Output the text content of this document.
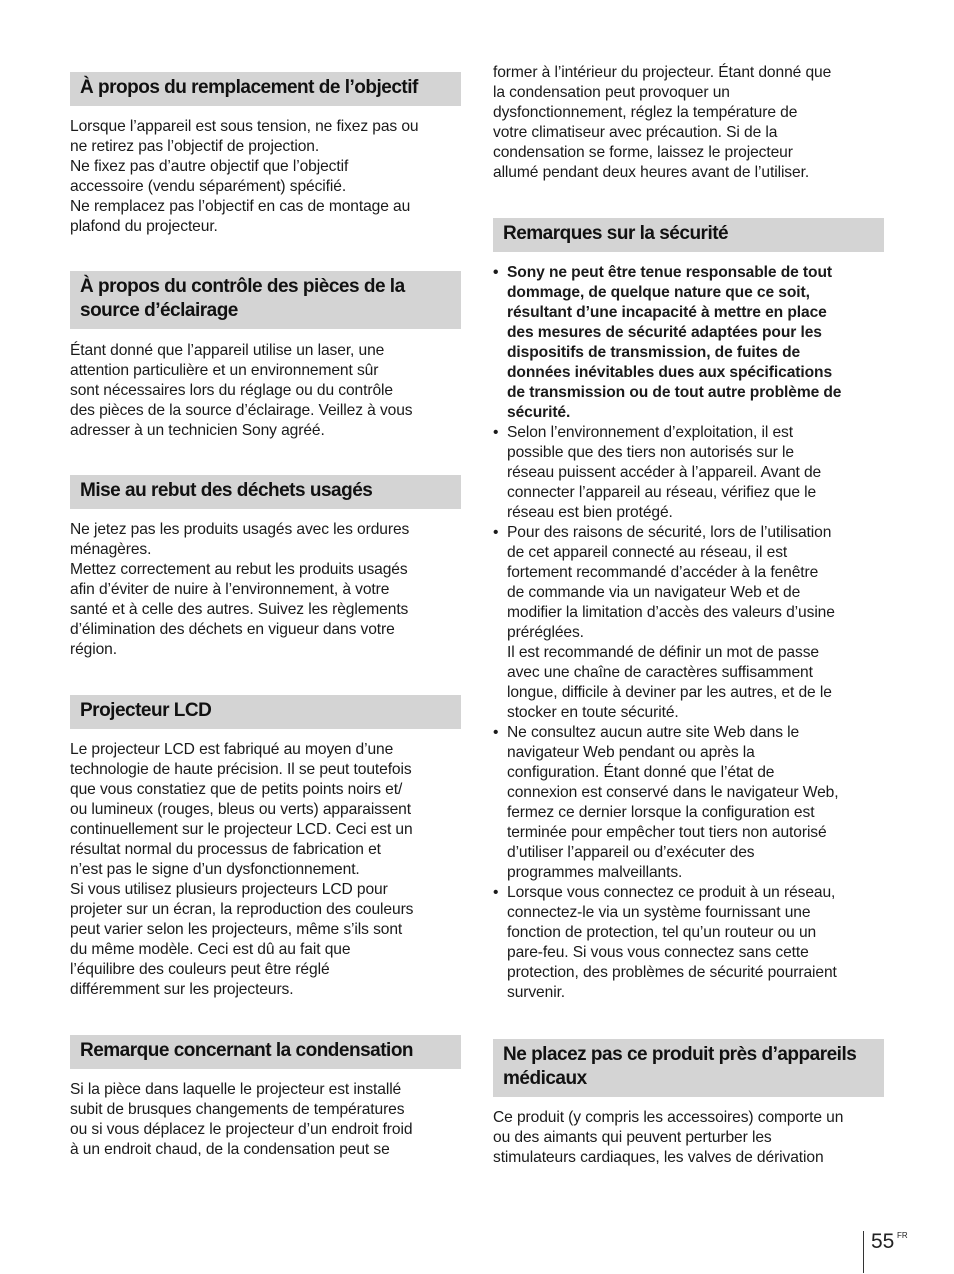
À propos du remplacement de l’objectif

Lorsque l’appareil est sous tension, ne fixez pas ou

ne retirez pas l’objectif de projection.

Ne fixez pas d’autre objectif que l’objectif

accessoire (vendu séparément) spécifié.

Ne remplacez pas l’objectif en cas de montage au

plafond du projecteur.

À propos du contrôle des pièces de la source d’éclairage

Étant donné que l’appareil utilise un laser, une

attention particulière et un environnement sûr

sont nécessaires lors du réglage ou du contrôle

des pièces de la source d’éclairage. Veillez à vous

adresser à un technicien Sony agréé.

Mise au rebut des déchets usagés

Ne jetez pas les produits usagés avec les ordures

ménagères.

Mettez correctement au rebut les produits usagés

afin d’éviter de nuire à l’environnement, à votre

santé et à celle des autres. Suivez les règlements

d’élimination des déchets en vigueur dans votre

région.

Projecteur LCD

Le projecteur LCD est fabriqué au moyen d’une

technologie de haute précision. Il se peut toutefois

que vous constatiez que de petits points noirs et/

ou lumineux (rouges, bleus ou verts) apparaissent

continuellement sur le projecteur LCD. Ceci est un

résultat normal du processus de fabrication et

n’est pas le signe d’un dysfonctionnement.

Si vous utilisez plusieurs projecteurs LCD pour

projeter sur un écran, la reproduction des couleurs

peut varier selon les projecteurs, même s’ils sont

du même modèle. Ceci est dû au fait que

l’équilibre des couleurs peut être réglé

différemment sur les projecteurs.

Remarque concernant la condensation

Si la pièce dans laquelle le projecteur est installé

subit de brusques changements de températures

ou si vous déplacez le projecteur d’un endroit froid

à un endroit chaud, de la condensation peut se

former à l’intérieur du projecteur. Étant donné que

la condensation peut provoquer un

dysfonctionnement, réglez la température de

votre climatiseur avec précaution. Si de la

condensation se forme, laissez le projecteur

allumé pendant deux heures avant de l’utiliser.

Remarques sur la sécurité

• Sony ne peut être tenue responsable de tout

dommage, de quelque nature que ce soit,

résultant d’une incapacité à mettre en place

des mesures de sécurité adaptées pour les

dispositifs de transmission, de fuites de

données inévitables dues aux spécifications

de transmission ou de tout autre problème de

sécurité.

• Selon l’environnement d’exploitation, il est

possible que des tiers non autorisés sur le

réseau puissent accéder à l’appareil. Avant de

connecter l’appareil au réseau, vérifiez que le

réseau est bien protégé.

• Pour des raisons de sécurité, lors de l’utilisation

de cet appareil connecté au réseau, il est

fortement recommandé d’accéder à la fenêtre

de commande via un navigateur Web et de

modifier la limitation d’accès des valeurs d’usine

préréglées.

Il est recommandé de définir un mot de passe

avec une chaîne de caractères suffisamment

longue, difficile à deviner par les autres, et de le

stocker en toute sécurité.

• Ne consultez aucun autre site Web dans le

navigateur Web pendant ou après la

configuration. Étant donné que l’état de

connexion est conservé dans le navigateur Web,

fermez ce dernier lorsque la configuration est

terminée pour empêcher tout tiers non autorisé

d’utiliser l’appareil ou d’exécuter des

programmes malveillants.

• Lorsque vous connectez ce produit à un réseau,

connectez-le via un système fournissant une

fonction de protection, tel qu’un routeur ou un

pare-feu. Si vous vous connectez sans cette

protection, des problèmes de sécurité pourraient

survenir.

Ne placez pas ce produit près d’appareils médicaux

Ce produit (y compris les accessoires) comporte un

ou des aimants qui peuvent perturber les

stimulateurs cardiaques, les valves de dérivation

55 FR
